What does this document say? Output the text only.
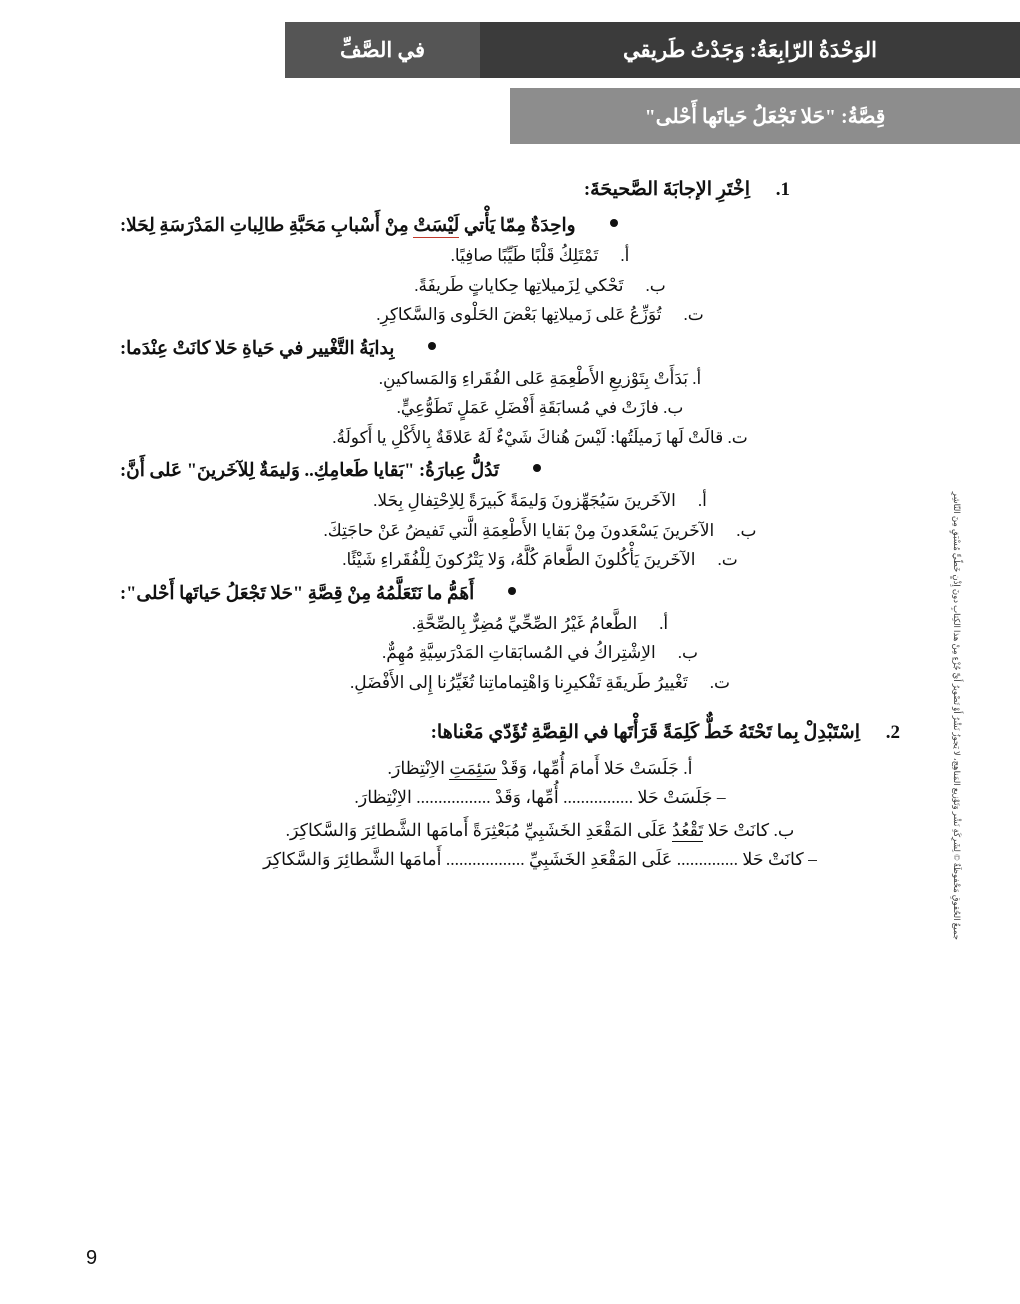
الوَحْدَةُ الرّابِعَةُ: وَجَدْتُ طَريقي
في الصَّفِّ
قِصَّةُ: "حَلا تَجْعَلُ حَياتَها أَحْلى"
جميعُ الحُقوقِ مَحْفوظَةٌ © لِشَرِكَةِ نَشْر وَتَوْزيع المَناهِج، لا يَجوزُ نَشْرُ أَوْ تَصْويرُ أَيِّ جُزْءٍ مِنْ هذا الكِتابِ دونَ إِذْنٍ خَطّيٍّ مُسْبَقٍ مِنَ النّاشِرِ
1.
اِخْتَرِ الإجابَةَ الصَّحيحَةَ:
واحِدَةٌ مِمّا يَأْتي لَيْسَتْ مِنْ أَسْبابِ مَحَبَّةِ طالِباتِ المَدْرَسَةِ لِحَلا:
أ.تَمْتَلِكُ قَلْبًا طَيِّبًا صافِيًا.
ب.تَحْكي لِزَميلاتِها حِكاياتٍ طَريفَةً.
ت.تُوَزِّعُ عَلى زَميلاتِها بَعْضَ الحَلْوى وَالسَّكاكِرِ.
بِدايَةُ التَّغْيير في حَياةِ حَلا كانَتْ عِنْدَما:
أ. بَدَأَتْ بِتَوْزيعِ الأَطْعِمَةِ عَلى الفُقَراءِ وَالمَساكينِ.
ب. فازَتْ في مُسابَقَةِ أَفْضَلِ عَمَلٍ تَطَوُّعِيٍّ.
ت. قالَتْ لَها زَميلَتُها: لَيْسَ هُناكَ شَيْءٌ لَهُ عَلاقَةٌ بِالأَكْلِ يا أَكولَةُ.
تَدُلُّ عِبارَةُ: "بَقايا طَعامِكِ.. وَليمَةٌ لِلآخَرينَ" عَلى أَنَّ:
أ.الآخَرينَ سَيُجَهِّزونَ وَليمَةً كَبيرَةً لِلاِحْتِفالِ بِحَلا.
ب.الآخَرينَ يَسْعَدونَ مِنْ بَقايا الأَطْعِمَةِ الَّتي تَفيضُ عَنْ حاجَتِكَ.
ت.الآخَرينَ يَأْكُلونَ الطَّعامَ كُلَّهُ، وَلا يَتْرُكونَ لِلْفُقَراءِ شَيْئًا.
أَهَمُّ ما نَتَعَلَّمُهُ مِنْ قِصَّةِ "حَلا تَجْعَلُ حَياتَها أَحْلى":
أ.الطَّعامُ غَيْرُ الصِّحِّيِّ مُضِرٌّ بِالصِّحَّةِ.
ب.الاِشْتِراكُ في المُسابَقاتِ المَدْرَسِيَّةِ مُهِمٌّ.
ت.تَغْييرُ طَريقَةِ تَفْكيرِنا وَاهْتِماماتِنا تُغَيِّرُنا إِلى الأَفْضَلِ.
2.
اِسْتَبْدِلْ بِما تَحْتَهُ خَطٌّ كَلِمَةً قَرَأْتَها في القِصَّةِ تُؤَدّي مَعْناها:
أ. جَلَسَتْ حَلا أَمامَ أُمِّها، وَقَدْ سَئِمَتِ الاِنْتِظارَ.
– جَلَسَتْ حَلا ................ أُمِّها، وَقَدْ ................. الاِنْتِظارَ.
ب. كانَتْ حَلا تَقْعُدُ عَلَى المَقْعَدِ الخَشَبِيِّ مُبَعْثِرَةً أَمامَها الشَّطائِرَ وَالسَّكاكِرَ.
– كانَتْ حَلا .............. عَلَى المَقْعَدِ الخَشَبِيِّ .................. أَمامَها الشَّطائِرَ وَالسَّكاكِرَ
9
